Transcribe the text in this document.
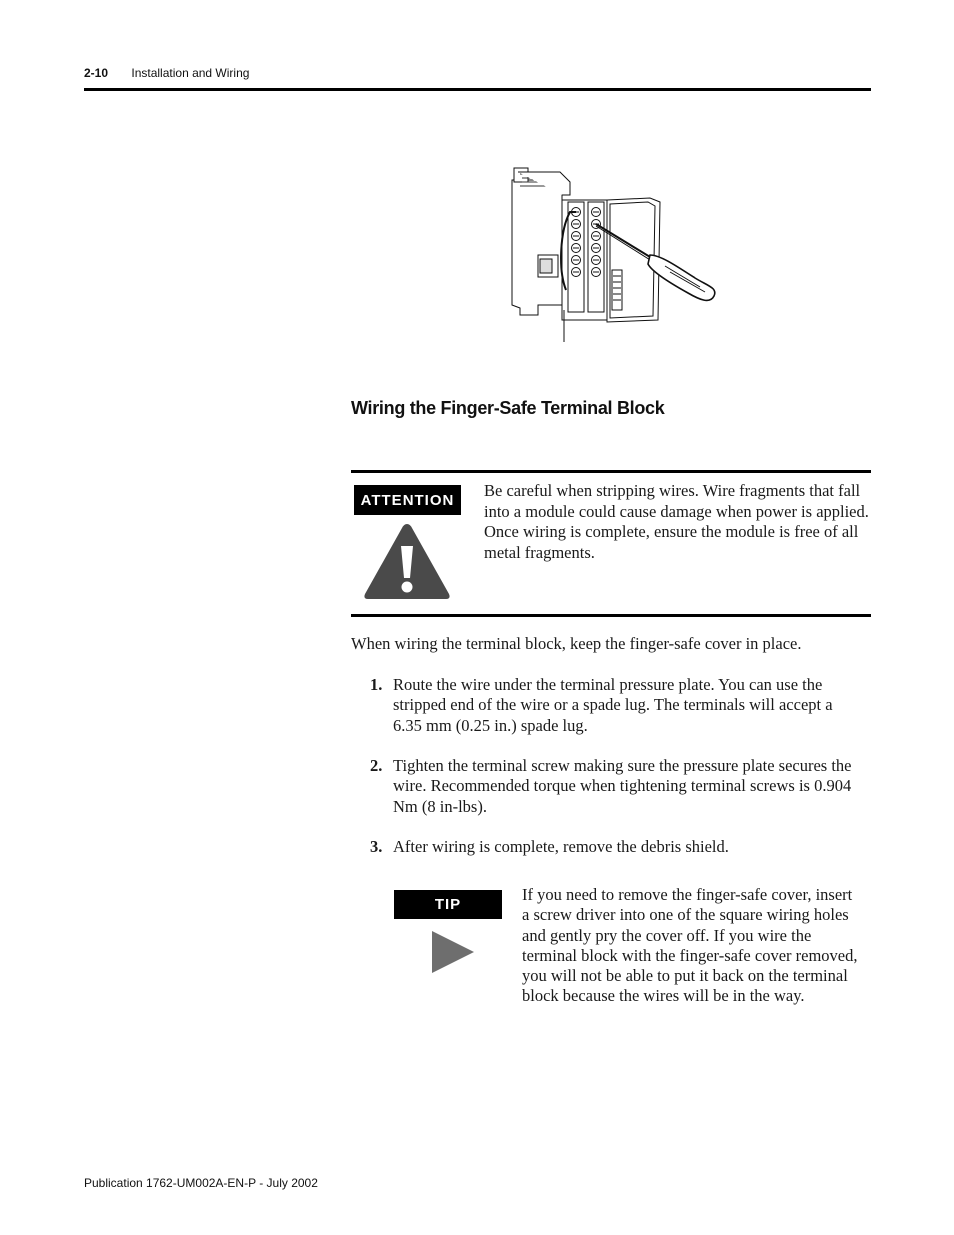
2-10 Installation and Wiring
Wiring the Finger-Safe Terminal Block
ATTENTION	Be careful when stripping wires. Wire fragments that fall into a module could cause damage when power is applied. Once wiring is complete, ensure the module is free of all metal fragments.
When wiring the terminal block, keep the finger-safe cover in place.
1. Route the wire under the terminal pressure plate. You can use the stripped end of the wire or a spade lug. The terminals will accept a 6.35 mm (0.25 in.) spade lug.
2. Tighten the terminal screw making sure the pressure plate secures the wire. Recommended torque when tightening terminal screws is 0.904 Nm (8 in-lbs).
3. After wiring is complete, remove the debris shield.
TIP
If you need to remove the finger-safe cover, insert a screw driver into one of the square wiring holes and gently pry the cover off. If you wire the terminal block with the finger-safe cover removed, you will not be able to put it back on the terminal block because the wires will be in the way.
Publication 1762-UM002A-EN-P - July 2002
